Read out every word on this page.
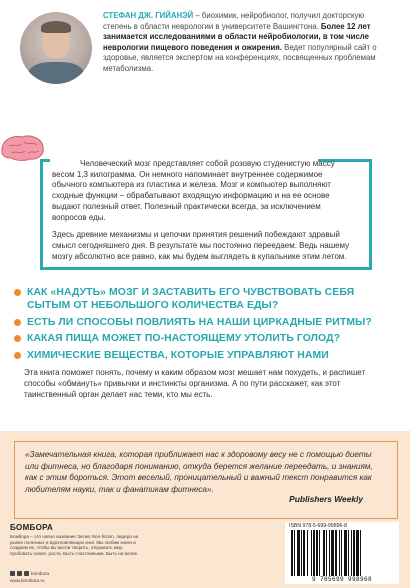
СТЕФАН ДЖ. ГИЙАНЭЙ – биохимик, нейробиолог, получил докторскую степень в области неврологии в университете Вашингтона. Более 12 лет занимается исследованиями в области нейробиологии, в том числе неврологии пищевого поведения и ожирения. Ведет популярный сайт о здоровье, является экспертом на конференциях, посвященных проблемам метаболизма.

Человеческий мозг представляет собой розовую студенистую массу весом 1,3 килограмма. Он немного напоминает внутреннее содержимое обычного компьютера из пластика и железа. Мозг и компьютер выполняют сходные функции – обрабатывают входящую информацию и на ее основе выдают полезный ответ. Полезный практически всегда, за исключением вопросов еды.

Здесь древние механизмы и цепочки принятия решений побеждают здравый смысл сегодняшнего дня. В результате мы постоянно переедаем. Ведь нашему мозгу абсолютно все равно, как мы будем выглядеть в купальнике этим летом.

КАК «НАДУТЬ» МОЗГ И ЗАСТАВИТЬ ЕГО ЧУВСТВОВАТЬ СЕБЯ СЫТЫМ ОТ НЕБОЛЬШОГО КОЛИЧЕСТВА ЕДЫ?
ЕСТЬ ЛИ СПОСОБЫ ПОВЛИЯТЬ НА НАШИ ЦИРКАДНЫЕ РИТМЫ?
КАКАЯ ПИЩА МОЖЕТ ПО-НАСТОЯЩЕМУ УТОЛИТЬ ГОЛОД?
ХИМИЧЕСКИЕ ВЕЩЕСТВА, КОТОРЫЕ УПРАВЛЯЮТ НАМИ

Эта книга поможет понять, почему и каким образом мозг мешает нам похудеть, и распишет способы «обмануть» привычки и инстинкты организма. А по пути расскажет, как этот таинственный орган делает нас теми, кто мы есть.

«Замечательная книга, которая приближает нас к здоровому весу не с помощью диеты или фитнеса, но благодаря пониманию, откуда берется желание переедать, и знаниям, как с этим бороться. Этот веселый, проницательный и важный текст понравится как любителям науки, так и фанатикам фитнеса».

Publishers Weekly

БОМБОРА

Бомбора – это новое название Эксмо Non-fiction, лидера на рынке полезных и вдохновляющих книг. Мы любим книги и создаем их, чтобы вы могли творить, открывать мир, пробовать новое, расти. Быть счастливыми. Быть на волне.

bombora
www.bombora.ru

ISBN 978-5-699-99896-8

9 785699 998968
